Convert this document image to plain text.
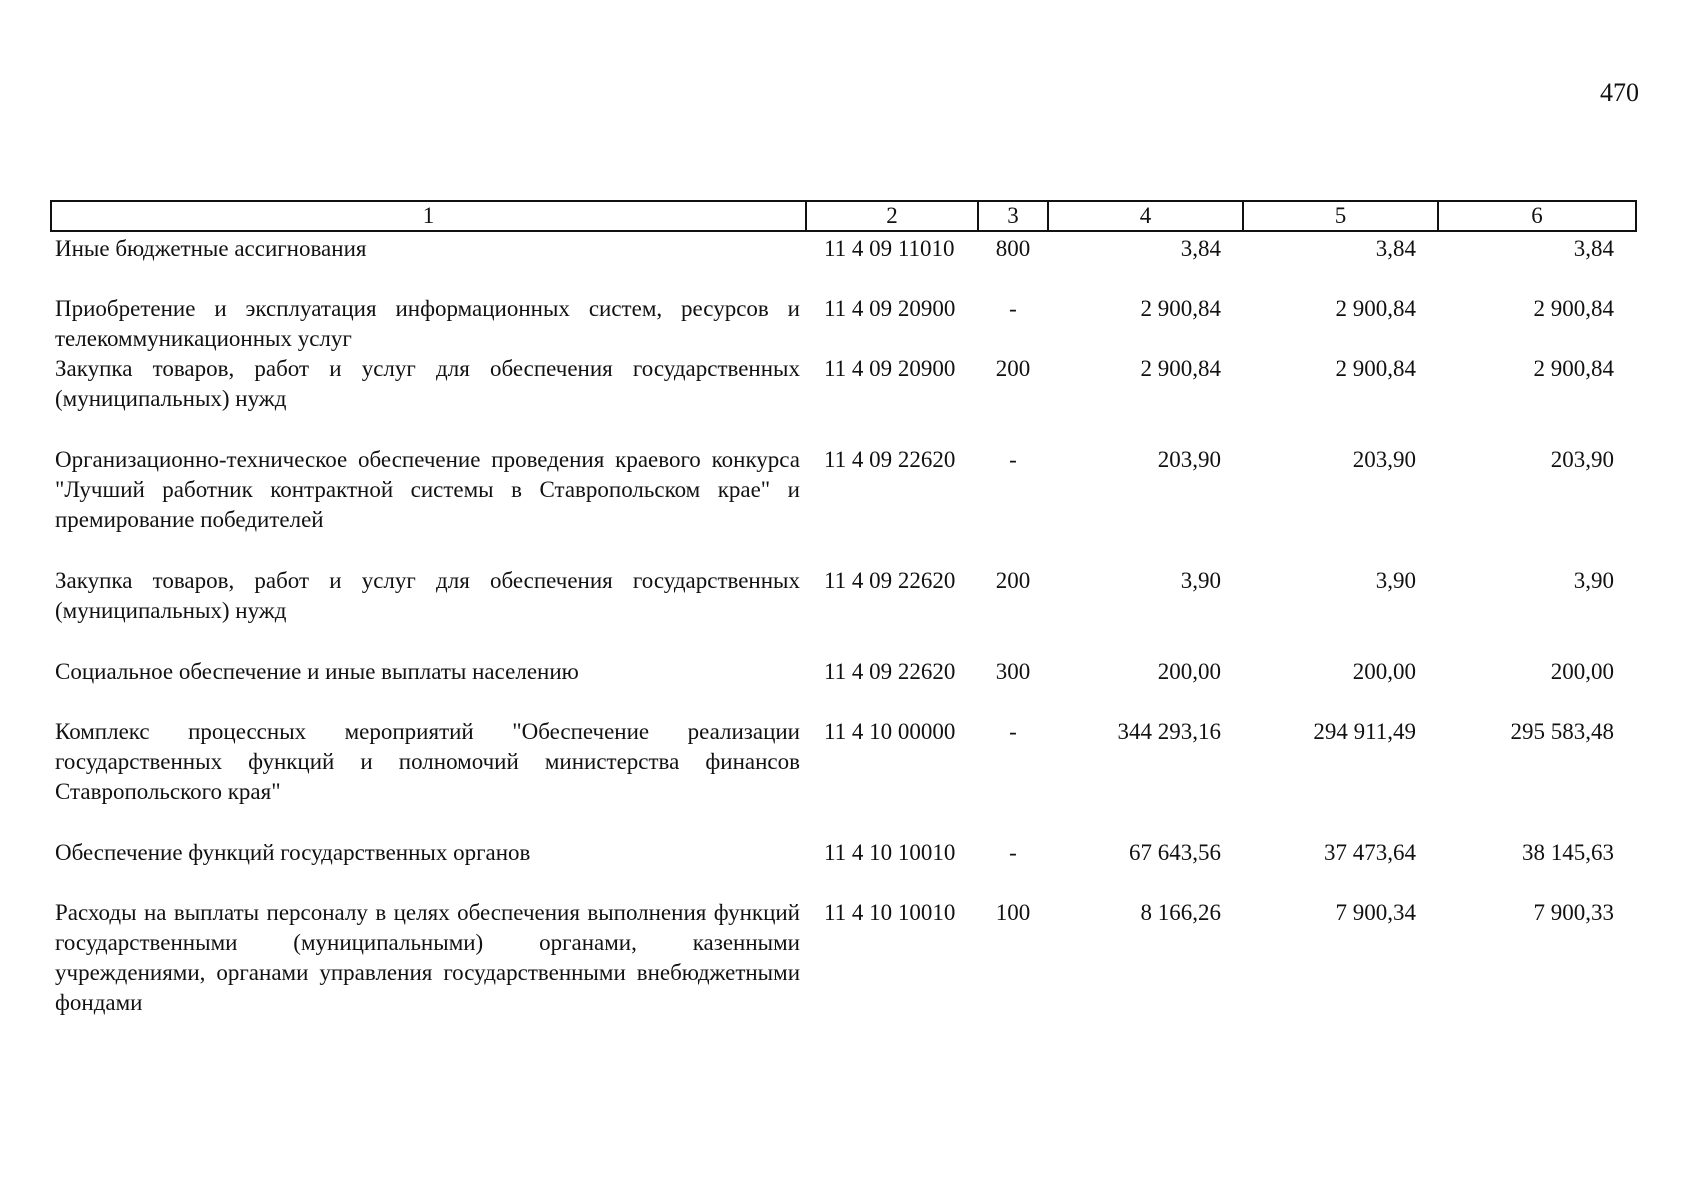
470
1	2	3	4	5	6
Иные бюджетные ассигнования	11 4 09 11010	800	3,84	3,84	3,84
Приобретение и эксплуатация информационных систем, ресурсов и телекоммуникационных услуг	11 4 09 20900	-	2 900,84	2 900,84	2 900,84
Закупка товаров, работ и услуг для обеспечения государственных (муниципальных) нужд	11 4 09 20900	200	2 900,84	2 900,84	2 900,84
Организационно-техническое обеспечение проведения краевого конкурса "Лучший работник контрактной системы в Ставропольском крае" и премирование победителей	11 4 09 22620	-	203,90	203,90	203,90
Закупка товаров, работ и услуг для обеспечения государственных (муниципальных) нужд	11 4 09 22620	200	3,90	3,90	3,90
Социальное обеспечение и иные выплаты населению	11 4 09 22620	300	200,00	200,00	200,00
Комплекс процессных мероприятий "Обеспечение реализации государственных функций и полномочий министерства финансов Ставропольского края"	11 4 10 00000	-	344 293,16	294 911,49	295 583,48
Обеспечение функций государственных органов	11 4 10 10010	-	67 643,56	37 473,64	38 145,63
Расходы на выплаты персоналу в целях обеспечения выполнения функций государственными (муниципальными) органами, казенными учреждениями, органами управления государственными внебюджетными фондами	11 4 10 10010	100	8 166,26	7 900,34	7 900,33
